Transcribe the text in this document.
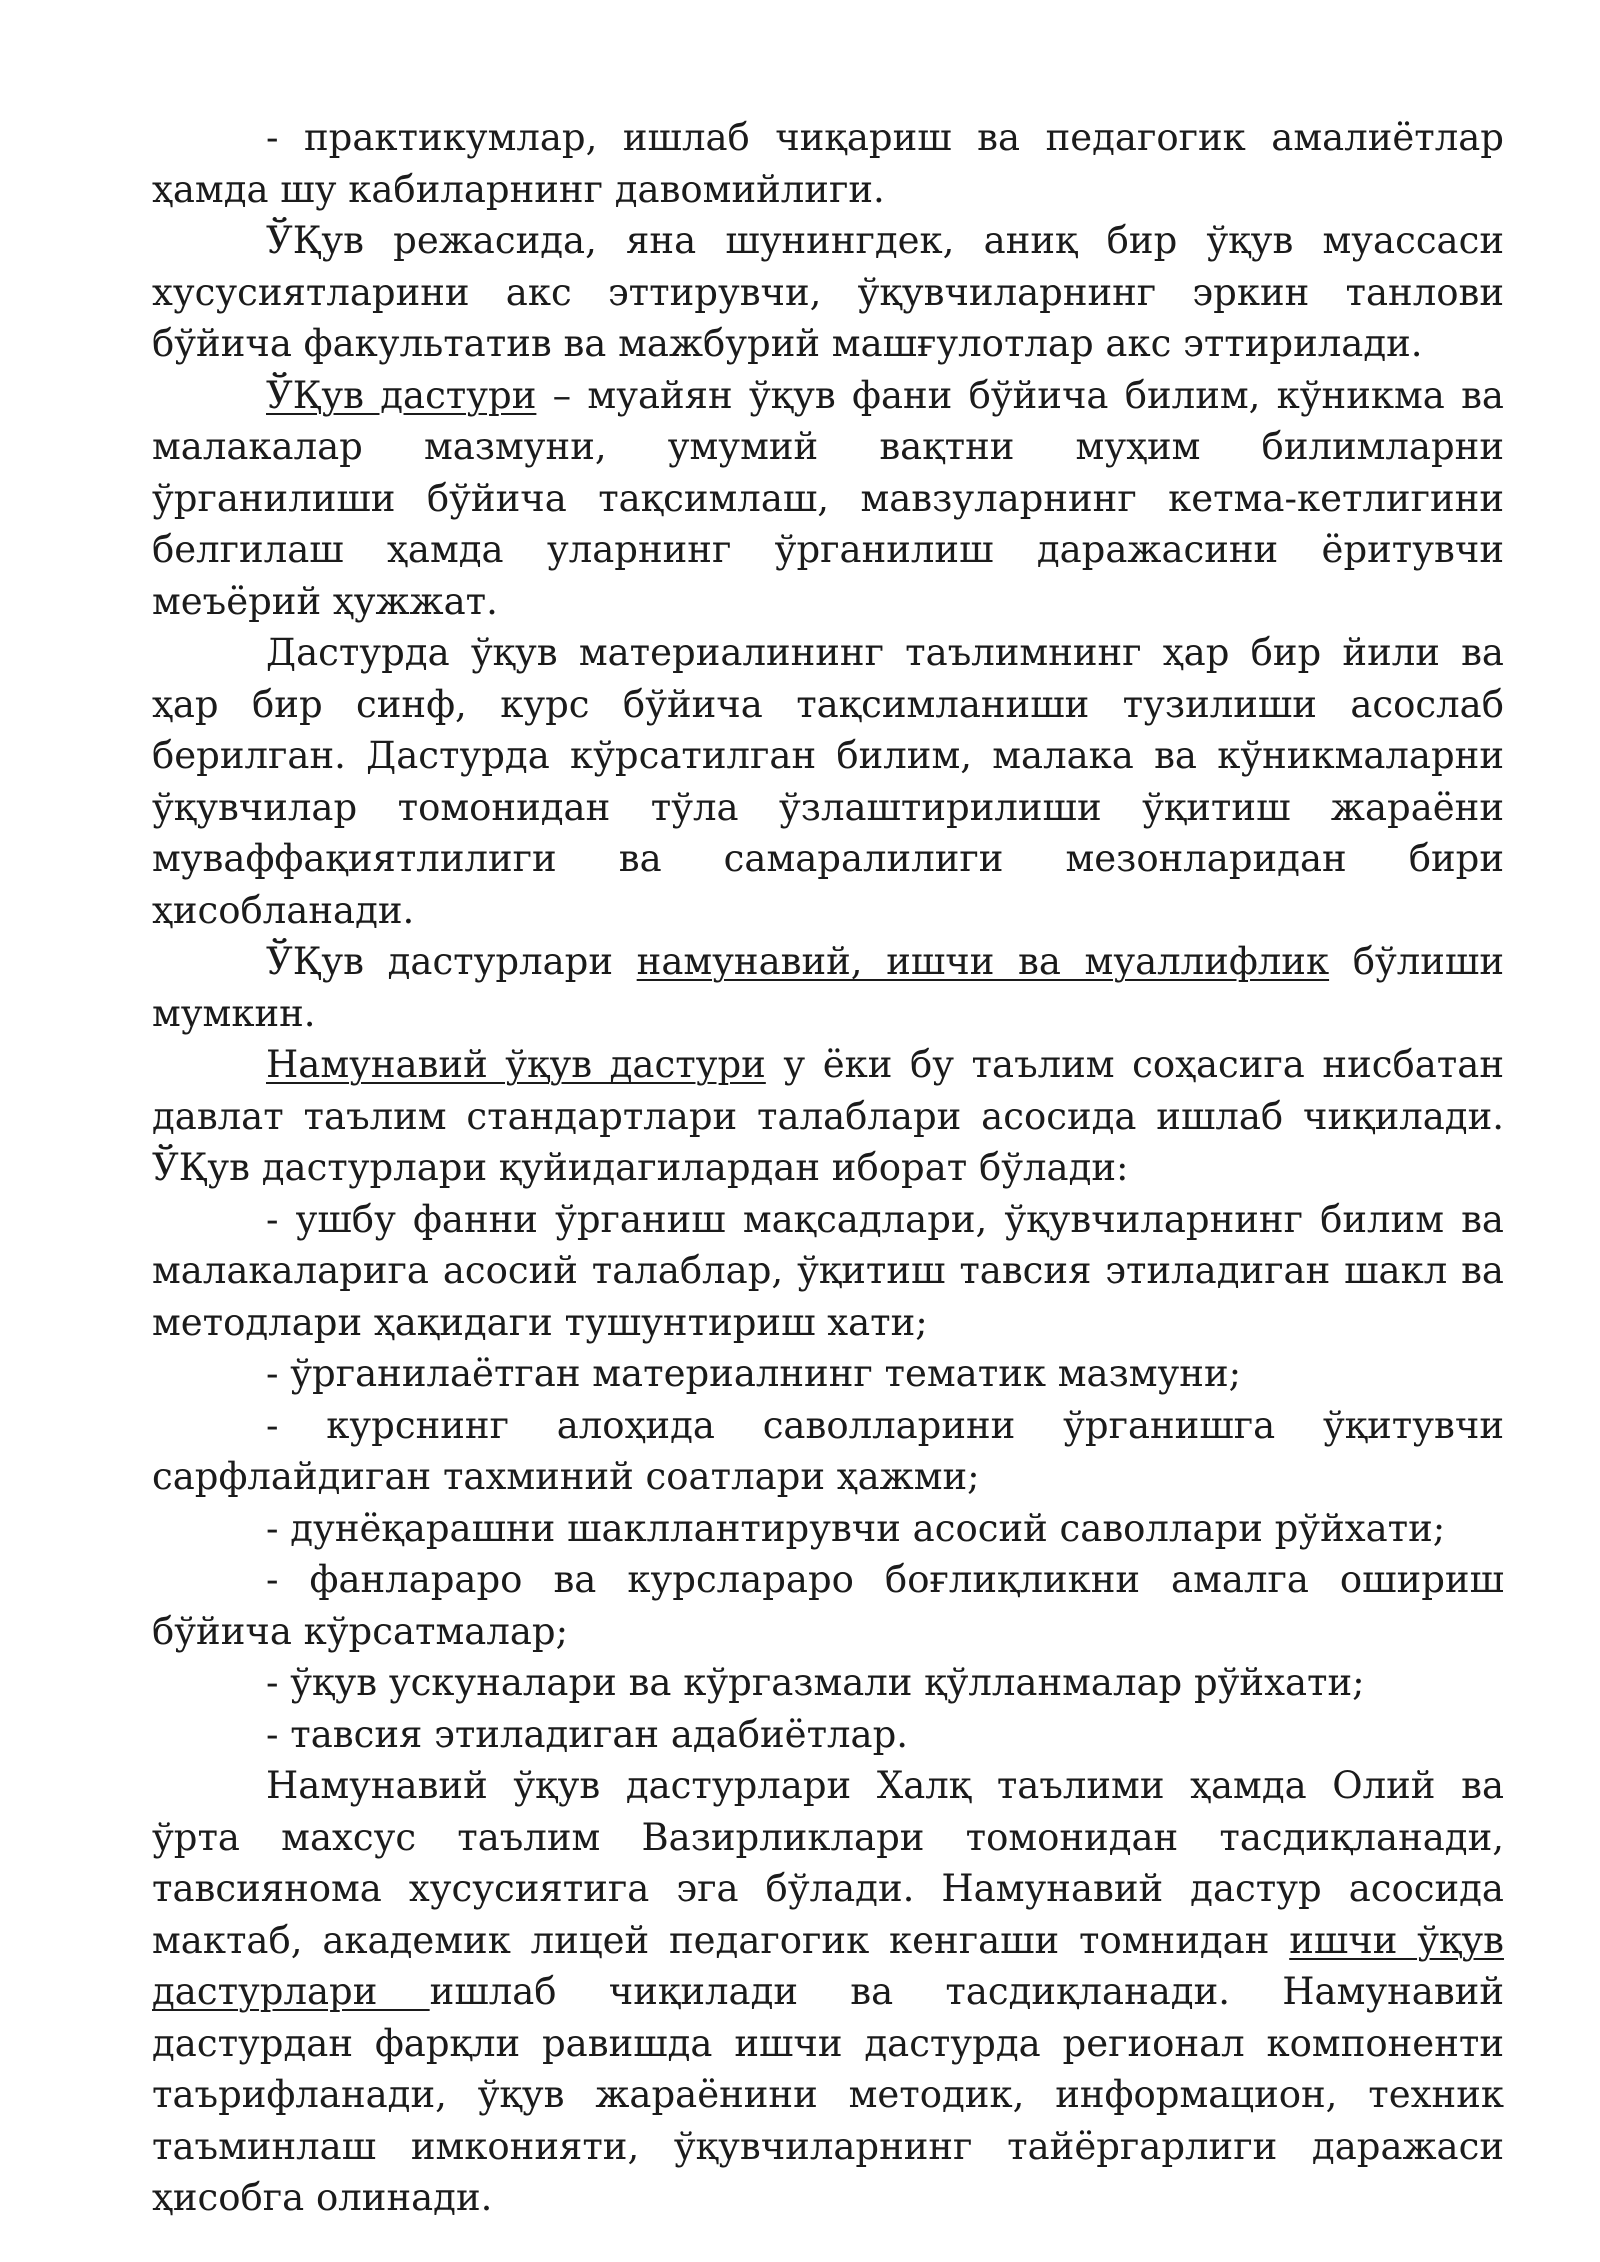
- практикумлар, ишлаб чиқариш ва педагогик амалиётлар ҳамда шу кабиларнинг давомийлиги.

ЎҚув режасида, яна шунингдек, аниқ бир ўқув муассаси хусусиятларини акс эттирувчи, ўқувчиларнинг эркин танлови бўйича факультатив ва мажбурий машғулотлар акс эттирилади.

ЎҚув дастури – муайян ўқув фани бўйича билим, кўникма ва малакалар мазмуни, умумий вақтни муҳим билимларни ўрганилиши бўйича тақсимлаш, мавзуларнинг кетма-кетлигини белгилаш ҳамда уларнинг ўрганилиш даражасини ёритувчи меъёрий ҳужжат.

Дастурда ўқув материалининг таълимнинг ҳар бир йили ва ҳар бир синф, курс бўйича тақсимланиши тузилиши асослаб берилган. Дастурда кўрсатилган билим, малака ва кўникмаларни ўқувчилар томонидан тўла ўзлаштирилиши ўқитиш жараёни муваффақиятлилиги ва самаралилиги мезонларидан бири ҳисобланади.

ЎҚув дастурлари намунавий, ишчи ва муаллифлик бўлиши мумкин.

Намунавий ўқув дастури у ёки бу таълим соҳасига нисбатан давлат таълим стандартлари талаблари асосида ишлаб чиқилади. ЎҚув дастурлари қуйидагилардан иборат бўлади:

- ушбу фанни ўрганиш мақсадлари, ўқувчиларнинг билим ва малакаларига асосий талаблар, ўқитиш тавсия этиладиган шакл ва методлари ҳақидаги тушунтириш хати;

- ўрганилаётган материалнинг тематик мазмуни;

- курснинг алоҳида саволларини ўрганишга ўқитувчи сарфлайдиган тахминий соатлари ҳажми;

- дунёқарашни шакллантирувчи асосий саволлари рўйхати;

- фанлараро ва курслараро боғлиқликни амалга ошириш бўйича кўрсатмалар;

- ўқув ускуналари ва кўргазмали қўлланмалар рўйхати;

- тавсия этиладиган адабиётлар.

Намунавий ўқув дастурлари Халқ таълими ҳамда Олий ва ўрта махсус таълим Вазирликлари томонидан тасдиқланади, тавсиянома хусусиятига эга бўлади. Намунавий дастур асосида мактаб, академик лицей педагогик кенгаши томнидан ишчи ўқув дастурлари ишлаб чиқилади ва тасдиқланади. Намунавий дастурдан фарқли равишда ишчи дастурда регионал компоненти таърифланади, ўқув жараёнини методик, информацион, техник таъминлаш имконияти, ўқувчиларнинг тайёргарлиги даражаси ҳисобга олинади.
